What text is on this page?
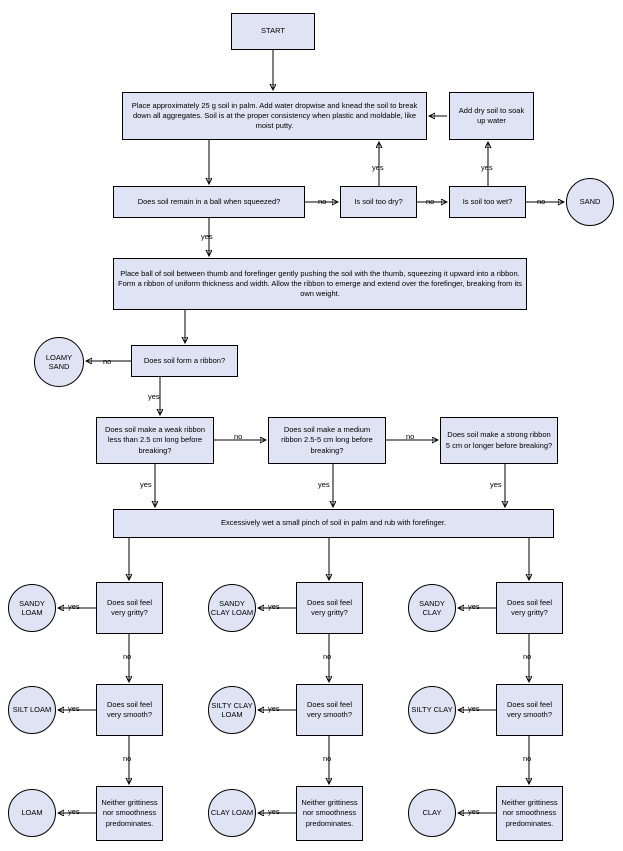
START
Place approximately 25 g soil in palm. Add water dropwise and knead the soil to break down all aggregates. Soil is at the proper consistency when plastic and moldable, like moist putty.
Add dry soil to soak up water
Does soil remain in a ball when squeezed?	Is soil too dry?	Is soil too wet?	SAND
Place ball of soil between thumb and forefinger gently pushing the soil with the thumb, squeezing it upward into a ribbon. Form a ribbon of uniform thickness and width. Allow the ribbon to emerge and extend over the forefinger, breaking from its own weight.
Does soil form a ribbon?
LOAMY SAND
Does soil make a weak ribbon less than 2.5 cm long before breaking?
Does soil make a medium ribbon 2.5-5 cm long before breaking?
Does soil make a strong ribbon 5 cm or longer before breaking?
Excessively wet a small pinch of soil in palm and rub with forefinger.
Does soil feel very gritty?
Does soil feel very gritty?
Does soil feel very gritty?
SANDY LOAM
SANDY CLAY LOAM
SANDY CLAY
Does soil feel very smooth?
Does soil feel very smooth?
Does soil feel very smooth?
SILT LOAM
SILTY CLAY LOAM
SILTY CLAY
Neither grittiness nor smoothness predominates.
Neither grittiness nor smoothness predominates.
Neither grittiness nor smoothness predominates.
LOAM	CLAY LOAM	CLAY
no	no	no
yes	yes
yes
no
yes
no	no
yes	yes	yes
yes	yes	yes
no	no	no
yes	yes	yes
no	no	no
yes	yes	yes
